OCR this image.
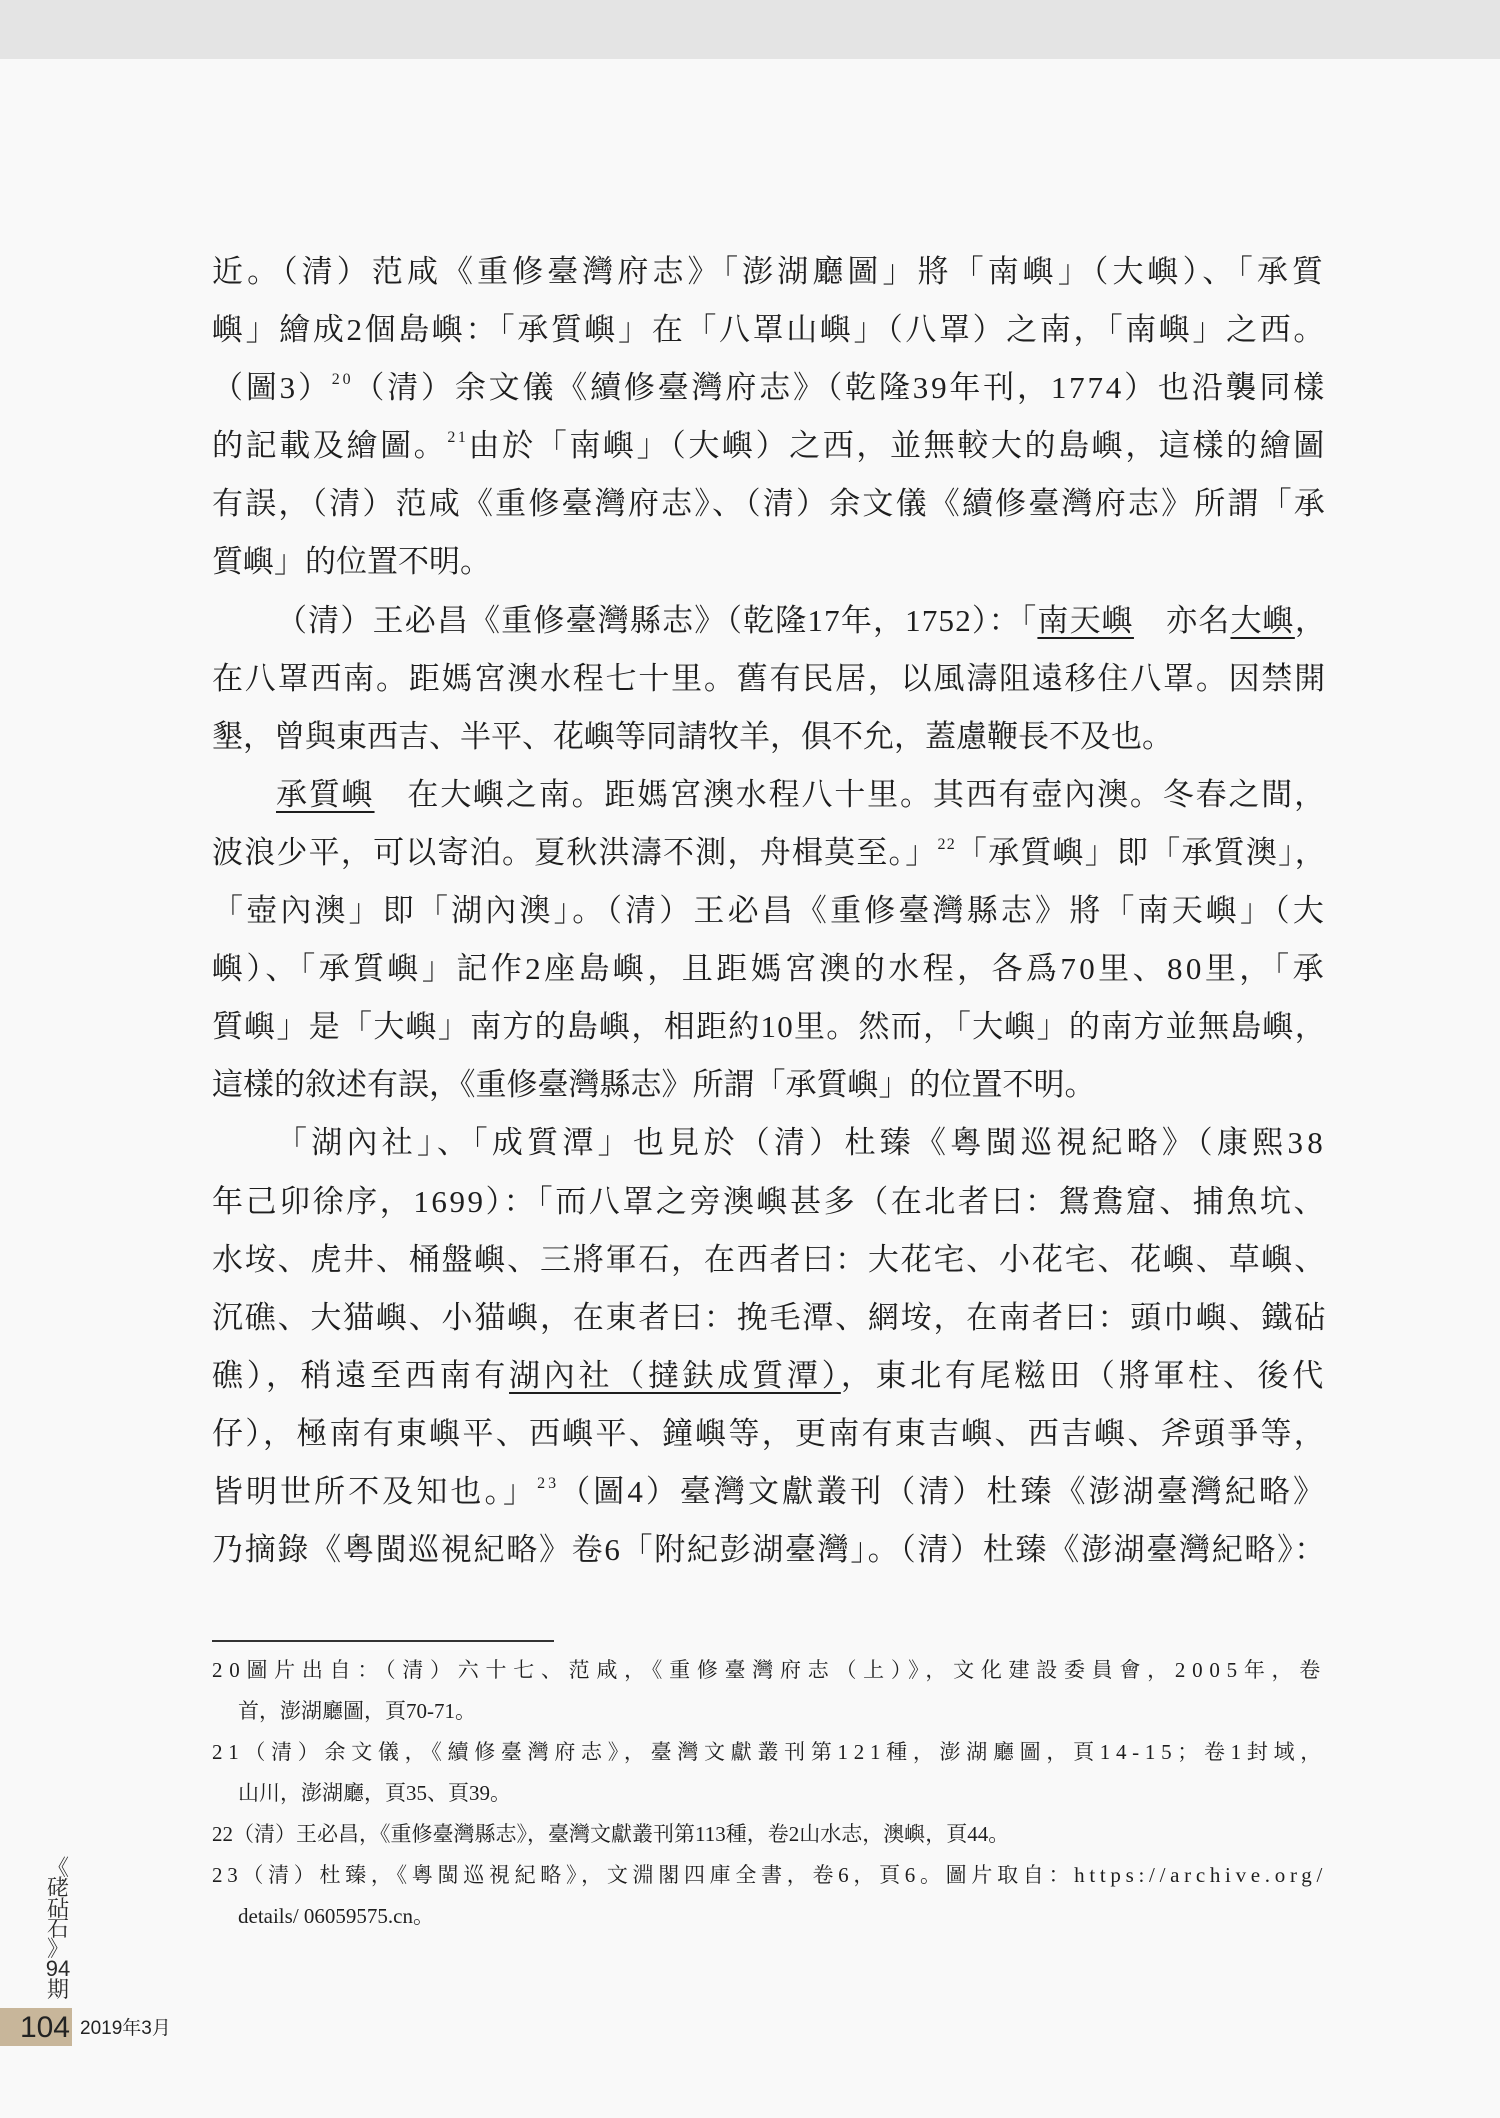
近。（清）范咸《重修臺灣府志》「澎湖廳圖」將「南嶼」（大嶼）、「承質
嶼」繪成2個島嶼：「承質嶼」在「八罩山嶼」（八罩）之南，「南嶼」之西。
（圖3）$^{20}$（清）余文儀《續修臺灣府志》（乾隆39年刊，1774）也沿襲同樣
的記載及繪圖。$^{21}$由於「南嶼」（大嶼）之西，並無較大的島嶼，這樣的繪圖
有誤，（清）范咸《重修臺灣府志》、（清）余文儀《續修臺灣府志》所謂「承
質嶼」的位置不明。
（清）王必昌《重修臺灣縣志》（乾隆17年，1752）：「南天嶼　亦名大嶼，
在八罩西南。距媽宮澳水程七十里。舊有民居，以風濤阻遠移住八罩。因禁開
墾，曾與東西吉、半平、花嶼等同請牧羊，俱不允，蓋慮鞭長不及也。
承質嶼　在大嶼之南。距媽宮澳水程八十里。其西有壺內澳。冬春之間，
波浪少平，可以寄泊。夏秋洪濤不測，舟楫莫至。」$^{22}$「承質嶼」即「承質澳」，
「壺內澳」即「湖內澳」。（清）王必昌《重修臺灣縣志》將「南天嶼」（大
嶼）、「承質嶼」記作2座島嶼，且距媽宮澳的水程，各爲70里、80里，「承
質嶼」是「大嶼」南方的島嶼，相距約10里。然而，「大嶼」的南方並無島嶼，
這樣的敘述有誤，《重修臺灣縣志》所謂「承質嶼」的位置不明。
「湖內社」、「成質潭」也見於（清）杜臻《粵閩巡視紀略》（康熙38
年己卯徐序，1699）：「而八罩之旁澳嶼甚多（在北者曰：鴛鴦窟、捕魚坑、
水垵、虎井、桶盤嶼、三將軍石，在西者曰：大花宅、小花宅、花嶼、草嶼、
沉礁、大猫嶼、小猫嶼，在東者曰：挽毛潭、網垵，在南者曰：頭巾嶼、鐵砧
礁），稍遠至西南有湖內社（撻鈇成質潭），東北有尾糍田（將軍柱、後代
仔），極南有東嶼平、西嶼平、鐘嶼等，更南有東吉嶼、西吉嶼、斧頭爭等，
皆明世所不及知也。」$^{23}$（圖4）臺灣文獻叢刊（清）杜臻《澎湖臺灣紀略》
乃摘錄《粵閩巡視紀略》卷6「附紀彭湖臺灣」。（清）杜臻《澎湖臺灣紀略》：
20圖片出自：（清）六十七、范咸，《重修臺灣府志（上）》，文化建設委員會，2005年，卷
首，澎湖廳圖，頁70-71。
21（清）余文儀，《續修臺灣府志》，臺灣文獻叢刊第121種，澎湖廳圖，頁14-15；卷1封域，
山川，澎湖廳，頁35、頁39。
22（清）王必昌，《重修臺灣縣志》，臺灣文獻叢刊第113種，卷2山水志，澳嶼，頁44。
23（清）杜臻，《粵閩巡視紀略》，文淵閣四庫全書，卷6，頁6。圖片取自：https://archive.org/
details/ 06059575.cn。
《
硓
砧
石
》
94
期
104 2019年3月
